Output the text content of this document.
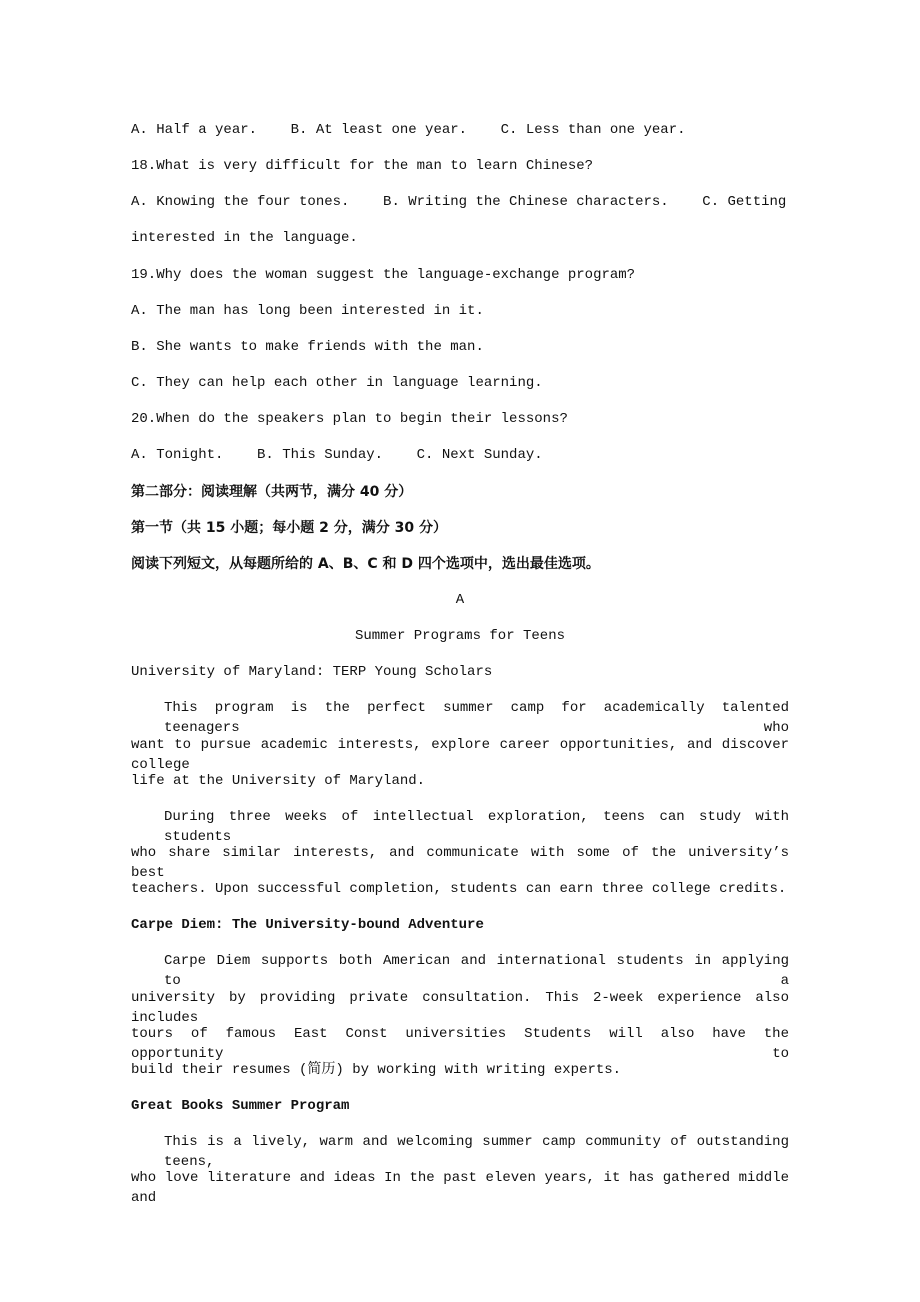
A. Half a year.    B. At least one year.    C. Less than one year.
18.What is very difficult for the man to learn Chinese?
A. Knowing the four tones.    B. Writing the Chinese characters.    C. Getting
interested in the language.
19.Why does the woman suggest the language-exchange program?
A. The man has long been interested in it.
B. She wants to make friends with the man.
C. They can help each other in language learning.
20.When do the speakers plan to begin their lessons?
A. Tonight.    B. This Sunday.    C. Next Sunday.
第二部分：阅读理解（共两节，满分 40 分）
第一节（共 15 小题；每小题 2 分，满分 30 分）
阅读下列短文，从每题所给的 A、B、C 和 D 四个选项中，选出最佳选项。
A
Summer Programs for Teens
University of Maryland: TERP Young Scholars
This program is the perfect summer camp for academically talented teenagers who
want to pursue academic interests, explore career opportunities, and discover college
life at the University of Maryland.
During three weeks of intellectual exploration, teens can study with students
who share similar interests, and communicate with some of the university’s best
teachers. Upon successful completion, students can earn three college credits.
Carpe Diem: The University-bound Adventure
Carpe Diem supports both American and international students in applying to a
university by providing private consultation. This 2-week experience also includes
tours of famous East Const universities Students will also have the opportunity to
build their resumes (简历) by working with writing experts.
Great Books Summer Program
This is a lively, warm and welcoming summer camp community of outstanding teens,
who love literature and ideas In the past eleven years, it has gathered middle and
